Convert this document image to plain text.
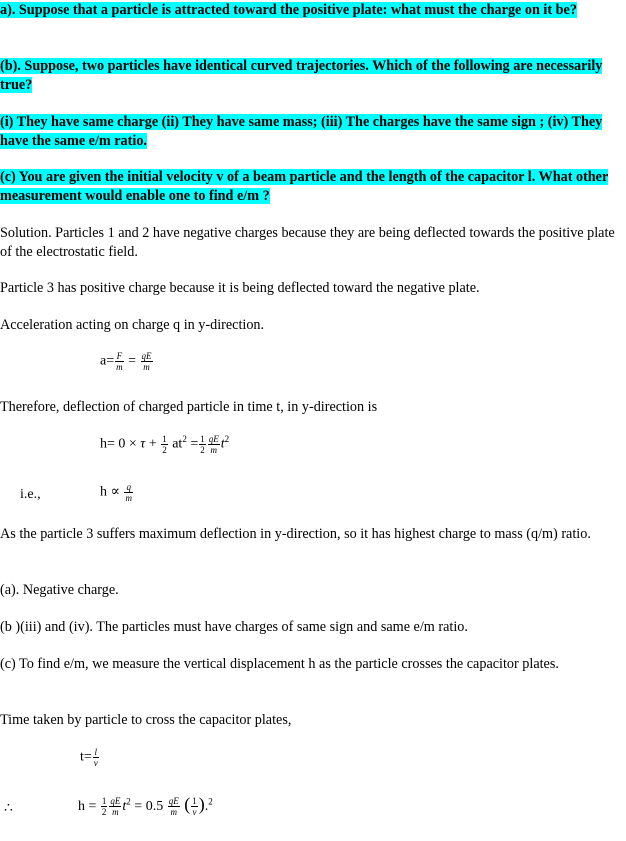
a). Suppose that a particle is attracted toward the positive plate: what must the charge on it be?
(b). Suppose, two particles have identical curved trajectories. Which of the following are necessarily true?
(i) They have same charge (ii) They have same mass; (iii) The charges have the same sign ; (iv) They have the same e/m ratio.
(c) You are given the initial velocity v of a beam particle and the length of the capacitor l. What other measurement would enable one to find e/m ?
Solution. Particles 1 and 2 have negative charges because they are being deflected towards the positive plate of the electrostatic field.
Particle 3 has positive charge because it is being deflected toward the negative plate.
Acceleration acting on charge q in y-direction.
$a= \frac{F}{m} = \frac{qE}{m}$
Therefore, deflection of charged particle in time t, in y-direction is
$h= 0 \times \tau + \frac{1}{2} at^2 = \frac{1}{2} \frac{qE}{m} t^2$
i.e.,	$h \propto \frac{q}{m}$
As the particle 3 suffers maximum deflection in y-direction, so it has highest charge to mass (q/m) ratio.
(a). Negative charge.
(b )(iii) and (iv). The particles must have charges of same sign and same e/m ratio.
(c) To find e/m, we measure the vertical displacement h as the particle crosses the capacitor plates.
Time taken by particle to cross the capacitor plates,
$t= \frac{l}{v}$
∴	$h = \frac{1}{2} \frac{qE}{m} t^2 = 0.5 \frac{qE}{m}$ ( $\frac{1}{v} ).^2$
